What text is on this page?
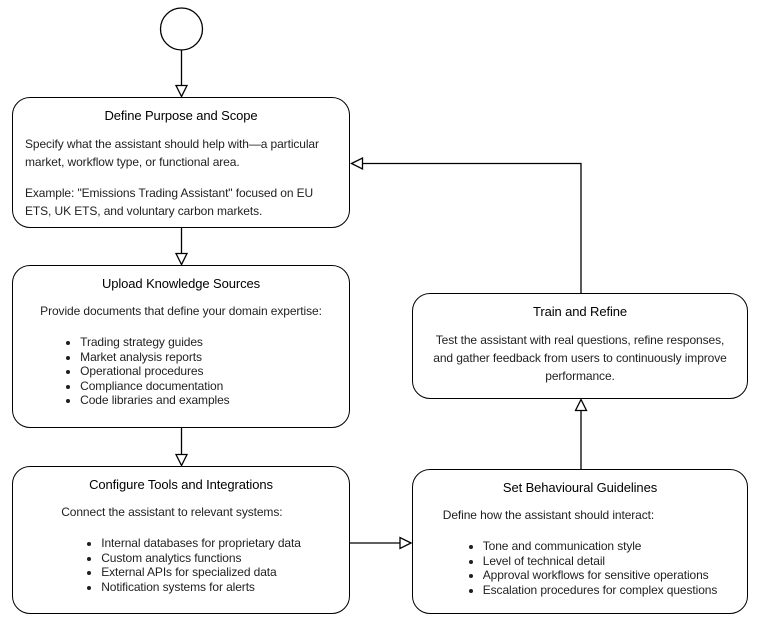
Define Purpose and Scope

Specify what the assistant should help with—a particular market, workflow type, or functional area.

Example: "Emissions Trading Assistant" focused on EU ETS, UK ETS, and voluntary carbon markets.

Upload Knowledge Sources

Provide documents that define your domain expertise:

• Trading strategy guides
• Market analysis reports
• Operational procedures
• Compliance documentation
• Code libraries and examples
Configure Tools and Integrations

Connect the assistant to relevant systems:

• Internal databases for proprietary data
• Custom analytics functions
• External APIs for specialized data
• Notification systems for alerts
Set Behavioural Guidelines

Define how the assistant should interact:

• Tone and communication style
• Level of technical detail
• Approval workflows for sensitive operations
• Escalation procedures for complex questions
Train and Refine
Test the assistant with real questions, refine responses, and gather feedback from users to continuously improve performance.
